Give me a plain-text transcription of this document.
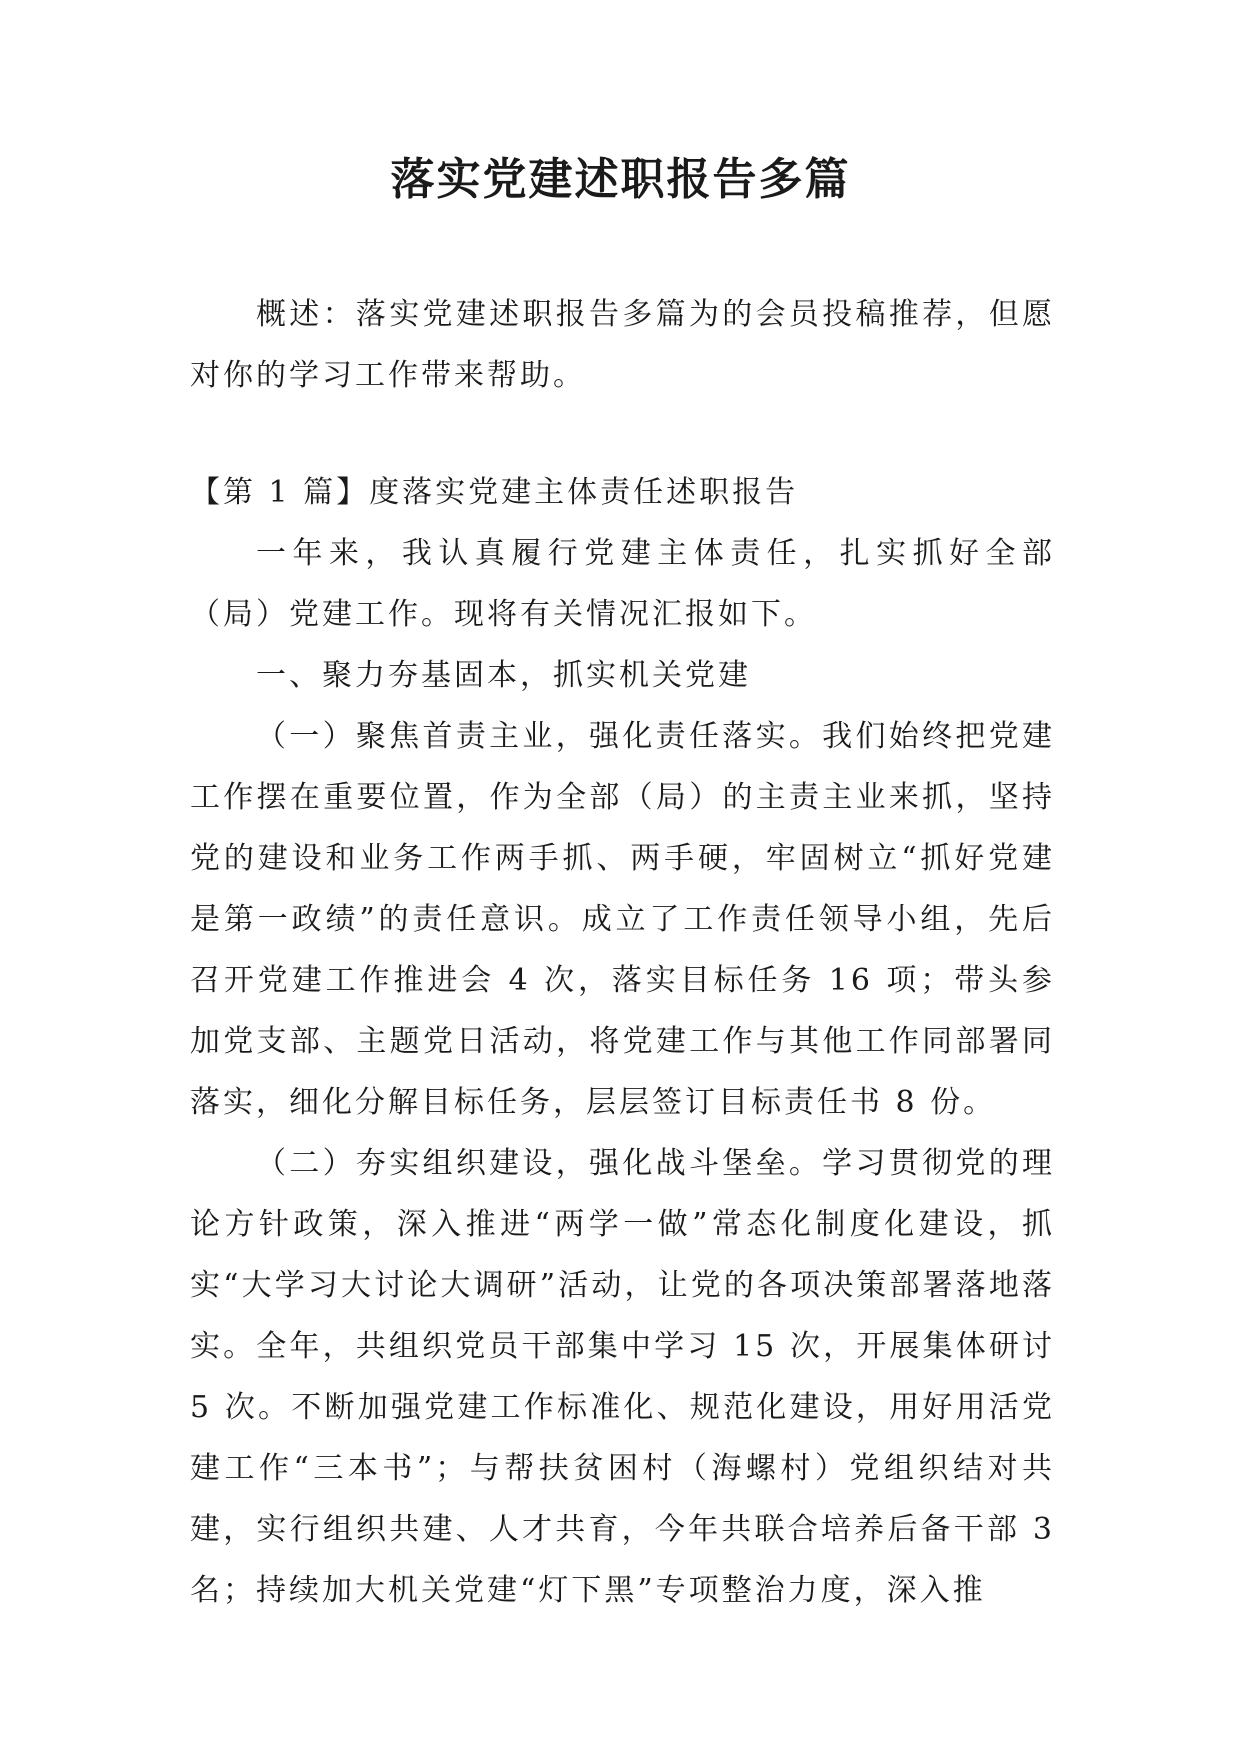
落实党建述职报告多篇

概述：落实党建述职报告多篇为的会员投稿推荐，但愿对你的学习工作带来帮助。

【第 1 篇】度落实党建主体责任述职报告

一年来，我认真履行党建主体责任，扎实抓好全部（局）党建工作。现将有关情况汇报如下。

一、聚力夯基固本，抓实机关党建

（一）聚焦首责主业，强化责任落实。我们始终把党建工作摆在重要位置，作为全部（局）的主责主业来抓，坚持党的建设和业务工作两手抓、两手硬，牢固树立“抓好党建是第一政绩”的责任意识。成立了工作责任领导小组，先后召开党建工作推进会 4 次，落实目标任务 16 项；带头参加党支部、主题党日活动，将党建工作与其他工作同部署同落实，细化分解目标任务，层层签订目标责任书 8 份。

（二）夯实组织建设，强化战斗堡垒。学习贯彻党的理论方针政策，深入推进“两学一做”常态化制度化建设，抓实“大学习大讨论大调研”活动，让党的各项决策部署落地落实。全年，共组织党员干部集中学习 15 次，开展集体研讨 5 次。不断加强党建工作标准化、规范化建设，用好用活党建工作“三本书”；与帮扶贫困村（海螺村）党组织结对共建，实行组织共建、人才共育，今年共联合培养后备干部 3 名；持续加大机关党建“灯下黑”专项整治力度，深入推
